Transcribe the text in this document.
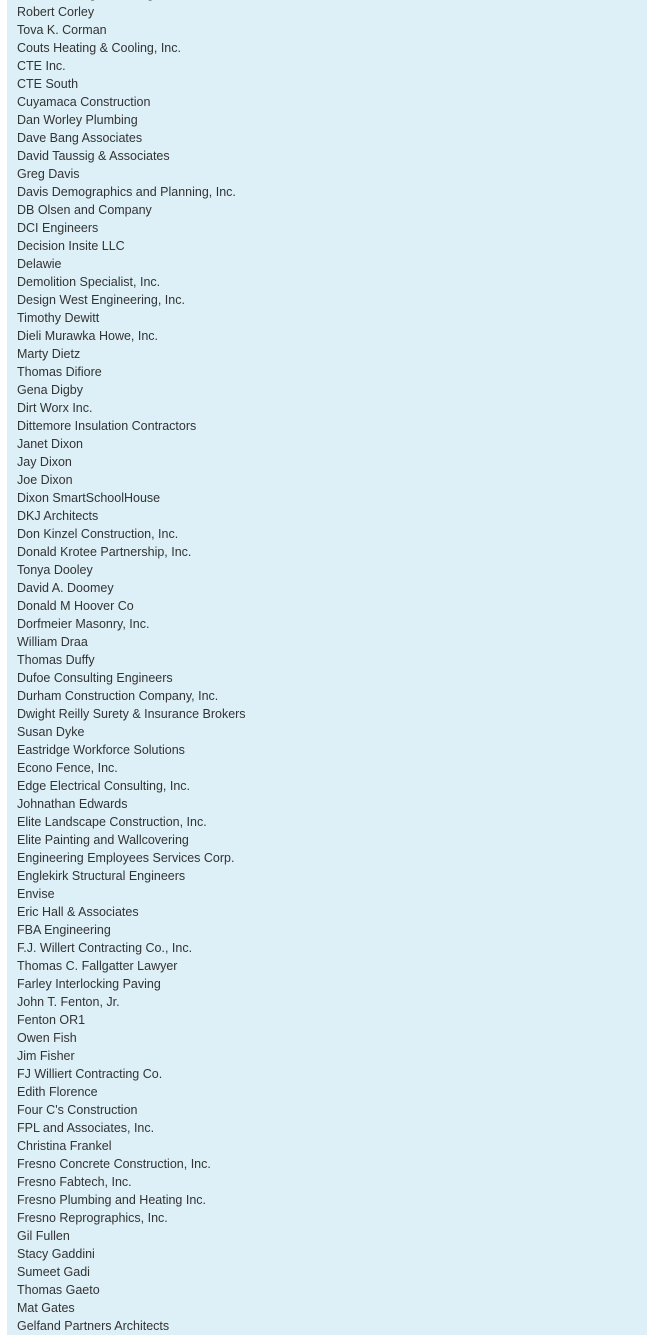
Robert Corley
Tova K. Corman
Couts Heating & Cooling, Inc.
CTE Inc.
CTE South
Cuyamaca Construction
Dan Worley Plumbing
Dave Bang Associates
David Taussig & Associates
Greg Davis
Davis Demographics and Planning, Inc.
DB Olsen and Company
DCI Engineers
Decision Insite LLC
Delawie
Demolition Specialist, Inc.
Design West Engineering, Inc.
Timothy Dewitt
Dieli Murawka Howe, Inc.
Marty Dietz
Thomas Difiore
Gena Digby
Dirt Worx Inc.
Dittemore Insulation Contractors
Janet Dixon
Jay Dixon
Joe Dixon
Dixon SmartSchoolHouse
DKJ Architects
Don Kinzel Construction, Inc.
Donald Krotee Partnership, Inc.
Tonya Dooley
David A. Doomey
Donald M Hoover Co
Dorfmeier Masonry, Inc.
William Draa
Thomas Duffy
Dufoe Consulting Engineers
Durham Construction Company, Inc.
Dwight Reilly Surety & Insurance Brokers
Susan Dyke
Eastridge Workforce Solutions
Econo Fence, Inc.
Edge Electrical Consulting, Inc.
Johnathan Edwards
Elite Landscape Construction, Inc.
Elite Painting and Wallcovering
Engineering Employees Services Corp.
Englekirk Structural Engineers
Envise
Eric Hall & Associates
FBA Engineering
F.J. Willert Contracting Co., Inc.
Thomas C. Fallgatter Lawyer
Farley Interlocking Paving
John T. Fenton, Jr.
Fenton OR1
Owen Fish
Jim Fisher
FJ Williert Contracting Co.
Edith Florence
Four C's Construction
FPL and Associates, Inc.
Christina Frankel
Fresno Concrete Construction, Inc.
Fresno Fabtech, Inc.
Fresno Plumbing and Heating Inc.
Fresno Reprographics, Inc.
Gil Fullen
Stacy Gaddini
Sumeet Gadi
Thomas Gaeto
Mat Gates
Gelfand Partners Architects
